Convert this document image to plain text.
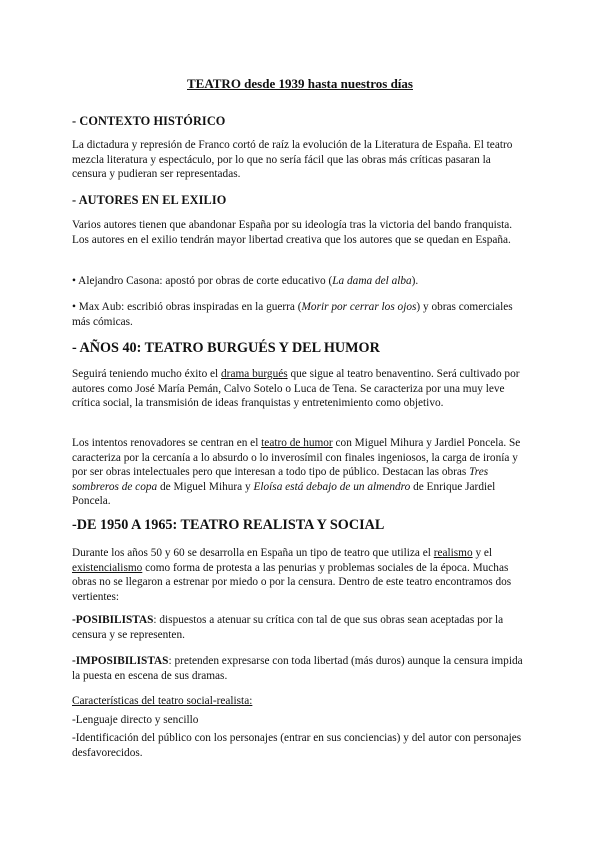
TEATRO desde 1939 hasta nuestros días
- CONTEXTO HISTÓRICO

La dictadura y represión de Franco cortó de raíz la evolución de la Literatura de España. El teatro mezcla literatura y espectáculo, por lo que no sería fácil que las obras más críticas pasaran la censura y pudieran ser representadas.

- AUTORES EN EL EXILIO

Varios autores tienen que abandonar España por su ideología tras la victoria del bando franquista. Los autores en el exilio tendrán mayor libertad creativa que los autores que se quedan en España.

• Alejandro Casona: apostó por obras de corte educativo (La dama del alba).

• Max Aub: escribió obras inspiradas en la guerra (Morir por cerrar los ojos) y obras comerciales más cómicas.

- AÑOS 40: TEATRO BURGUÉS Y DEL HUMOR

Seguirá teniendo mucho éxito el drama burgués que sigue al teatro benaventino. Será cultivado por autores como José María Pemán, Calvo Sotelo o Luca de Tena. Se caracteriza por una muy leve crítica social, la transmisión de ideas franquistas y entretenimiento como objetivo.

Los intentos renovadores se centran en el teatro de humor con Miguel Mihura y Jardiel Poncela. Se caracteriza por la cercanía a lo absurdo o lo inverosímil con finales ingeniosos, la carga de ironía y por ser obras intelectuales pero que interesan a todo tipo de público. Destacan las obras Tres sombreros de copa de Miguel Mihura y Eloísa está debajo de un almendro de Enrique Jardiel Poncela.

-DE 1950 A 1965: TEATRO REALISTA Y SOCIAL

Durante los años 50 y 60 se desarrolla en España un tipo de teatro que utiliza el realismo y el existencialismo como forma de protesta a las penurias y problemas sociales de la época. Muchas obras no se llegaron a estrenar por miedo o por la censura. Dentro de este teatro encontramos dos vertientes:

-POSIBILISTAS: dispuestos a atenuar su crítica con tal de que sus obras sean aceptadas por la censura y se representen.

-IMPOSIBILISTAS: pretenden expresarse con toda libertad (más duros) aunque la censura impida la puesta en escena de sus dramas.

Características del teatro social-realista:

-Lenguaje directo y sencillo

-Identificación del público con los personajes (entrar en sus conciencias) y del autor con personajes desfavorecidos.
